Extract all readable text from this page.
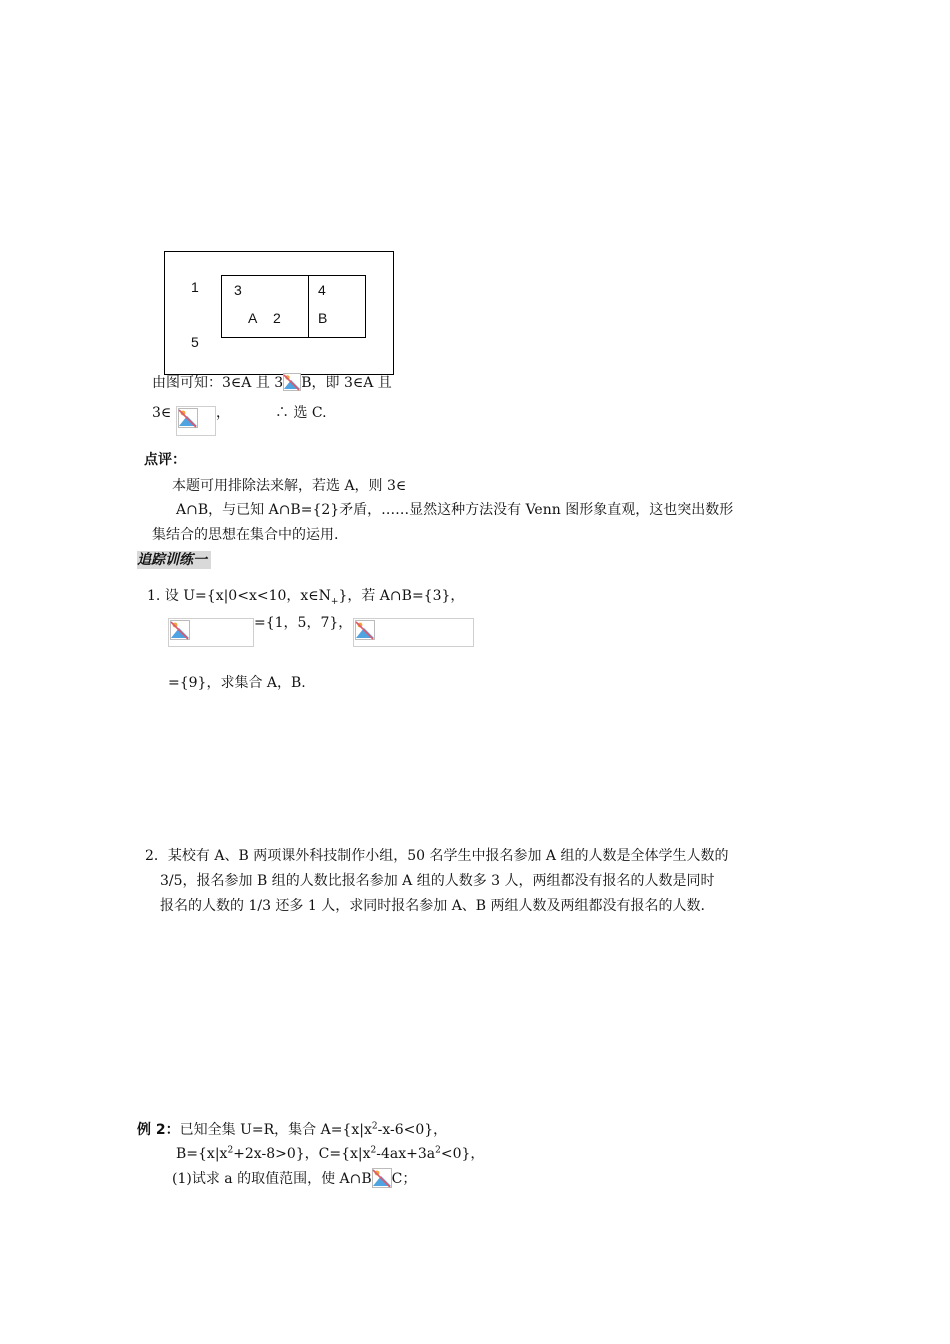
1
5
3
A 2
4
B
由图可知：3∈A 且 3 B，即 3∈A 且
3∈	，	∴ 选 C.
点评：
本题可用排除法来解，若选 A，则 3∈
A∩B，与已知 A∩B={2}矛盾，……显然这种方法没有 Venn 图形象直观，这也突出数形
集结合的思想在集合中的运用.
追踪训练一
1. 设 U={x|0<x<10，$x\in N_+$}，若 A∩B={3}，
={1，5，7}，
={9}，求集合 A，B.
2．某校有 A、B 两项课外科技制作小组，50 名学生中报名参加 A 组的人数是全体学生人数的
3/5，报名参加 B 组的人数比报名参加 A 组的人数多 3 人，两组都没有报名的人数是同时
报名的人数的 1/3 还多 1 人，求同时报名参加 A、B 两组人数及两组都没有报名的人数.
例 2：已知全集 U=R，集合 $A=\{x|x^2-x-6<0\}$，
$B=\{x|x^2+2x-8>0\}$，$C=\{x|x^2-4ax+3a^2<0\}$，
(1)试求 a 的取值范围，使 A∩B C；
